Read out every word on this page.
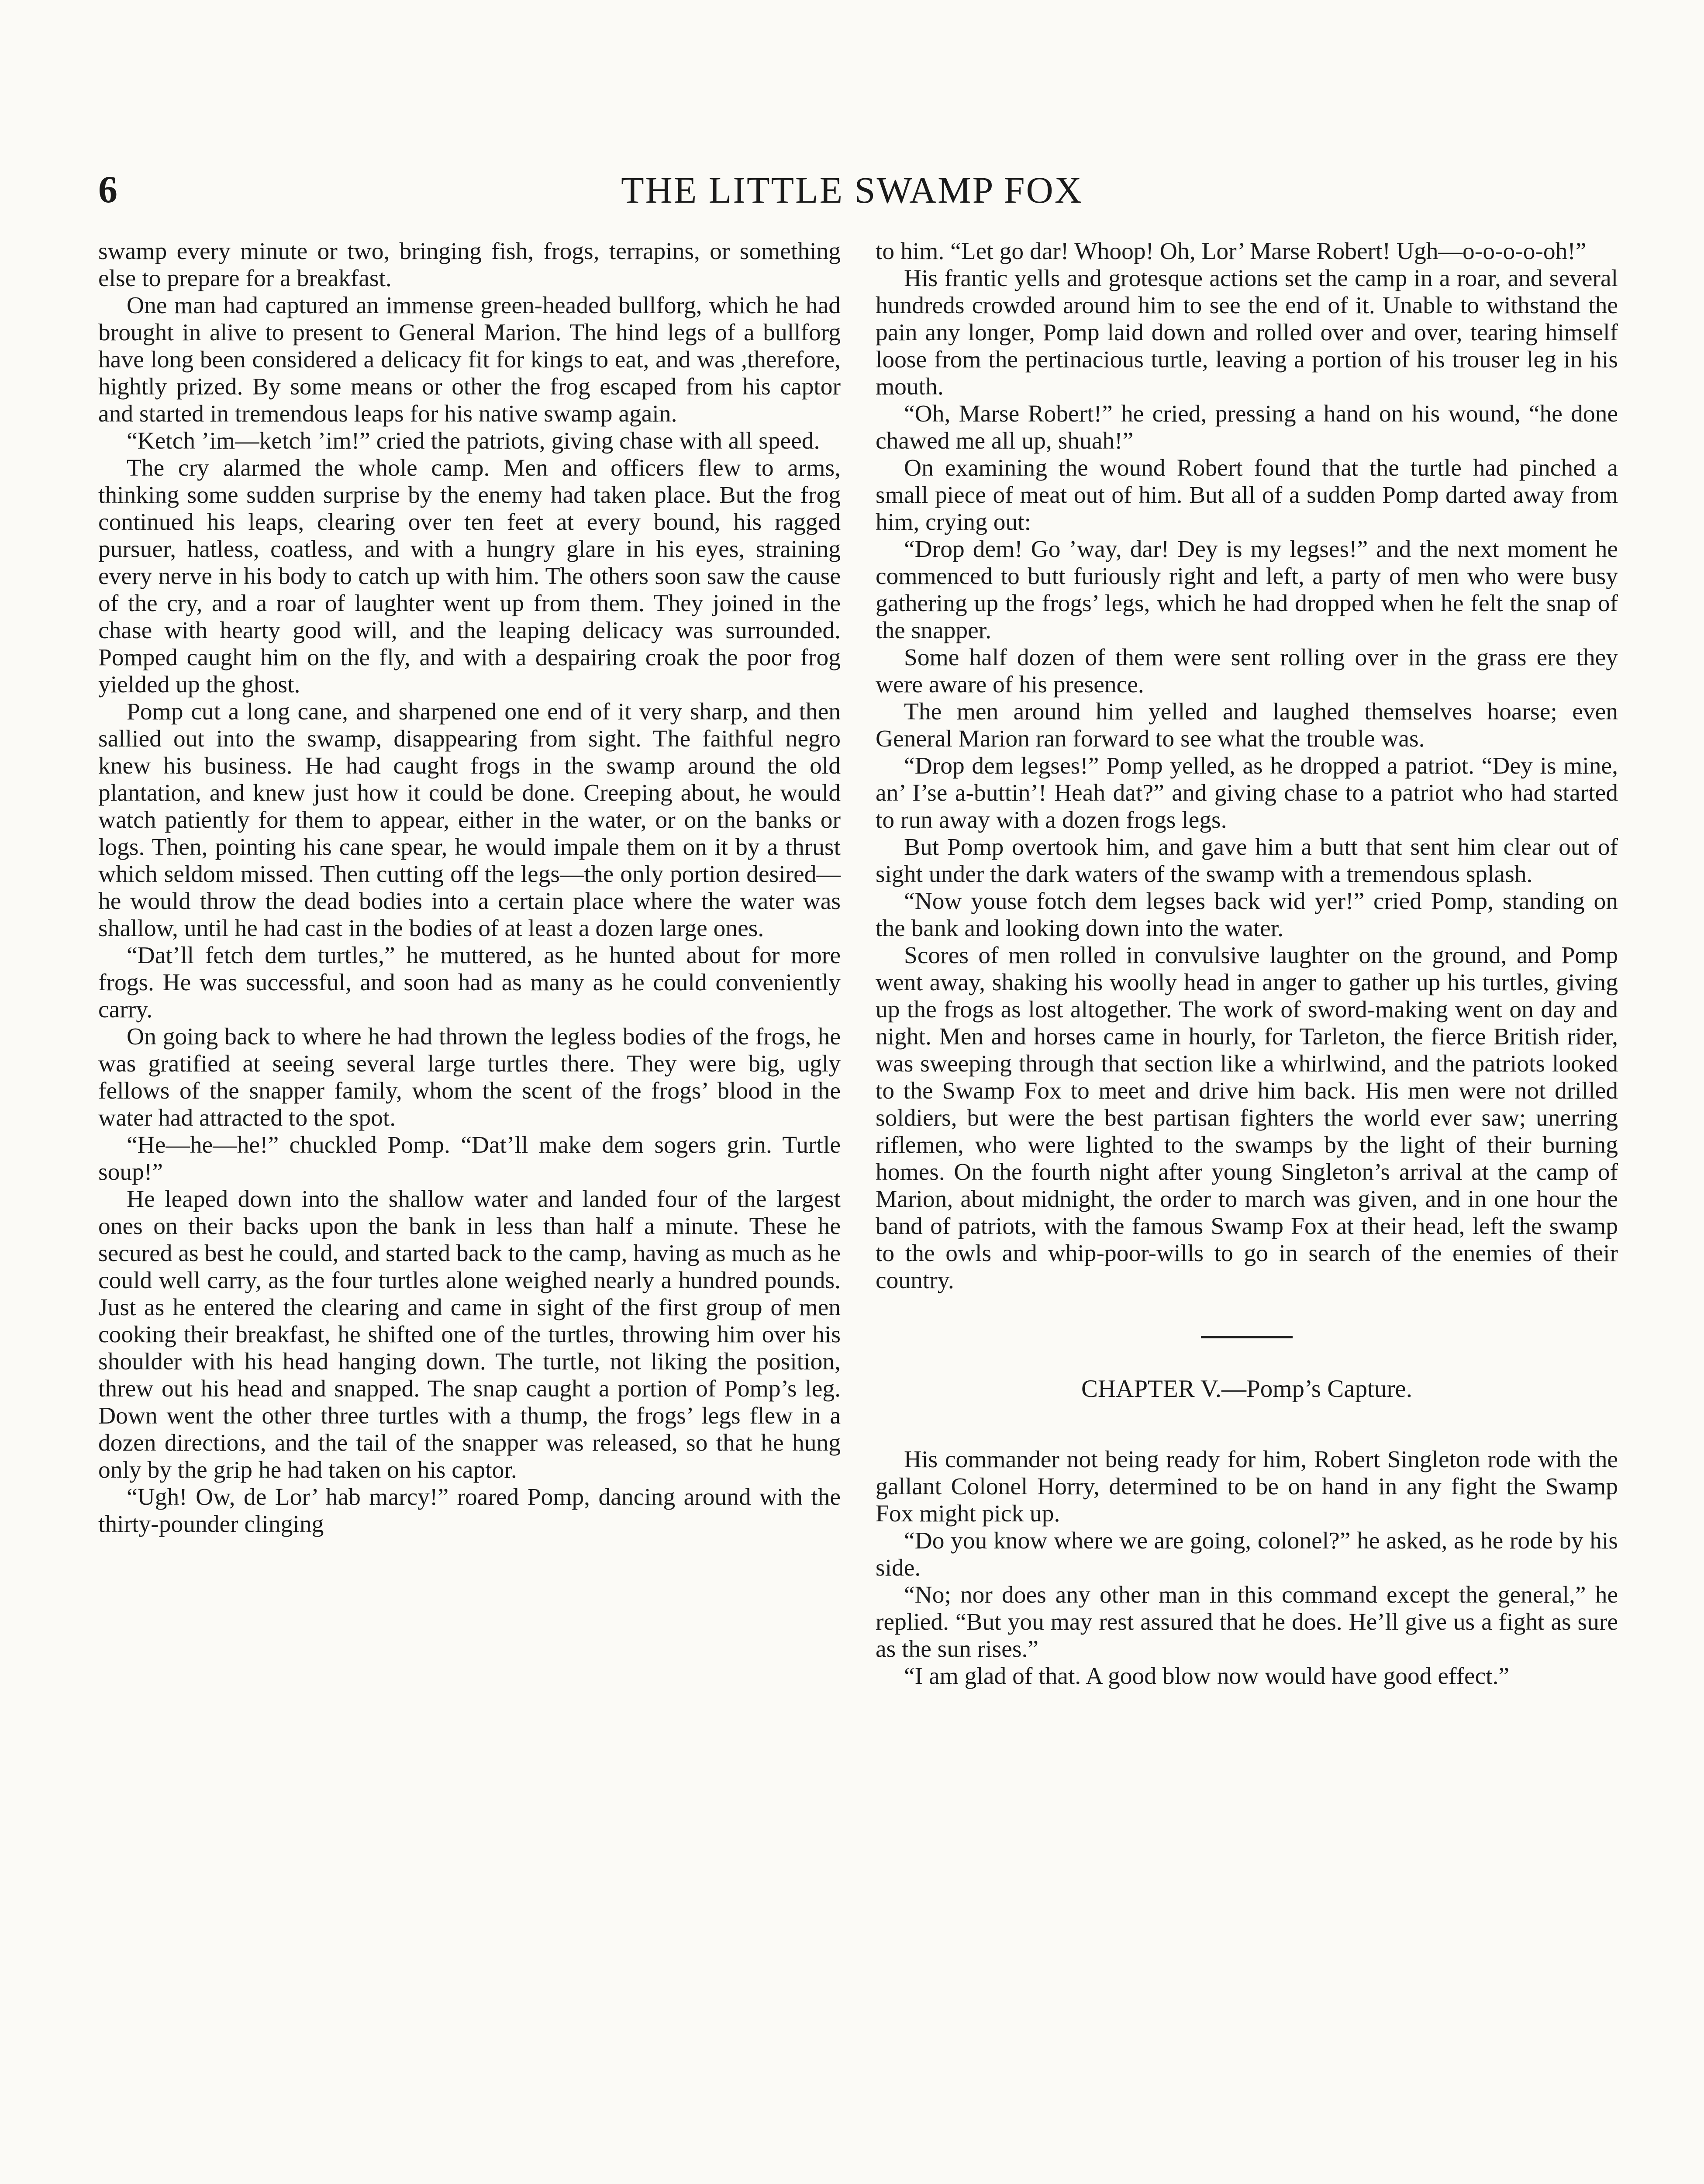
6	THE LITTLE SWAMP FOX

swamp every minute or two, bringing fish, frogs, terrapins, or something else to prepare for a breakfast.

One man had captured an immense green-headed bullforg, which he had brought in alive to present to General Marion. The hind legs of a bullforg have long been considered a delicacy fit for kings to eat, and was ,therefore, hightly prized. By some means or other the frog escaped from his captor and started in tremendous leaps for his native swamp again.

“Ketch ’im—ketch ’im!” cried the patriots, giving chase with all speed.

The cry alarmed the whole camp. Men and officers flew to arms, thinking some sudden surprise by the enemy had taken place. But the frog continued his leaps, clearing over ten feet at every bound, his ragged pursuer, hatless, coatless, and with a hungry glare in his eyes, straining every nerve in his body to catch up with him. The others soon saw the cause of the cry, and a roar of laughter went up from them. They joined in the chase with hearty good will, and the leaping delicacy was surrounded. Pomped caught him on the fly, and with a despairing croak the poor frog yielded up the ghost.

Pomp cut a long cane, and sharpened one end of it very sharp, and then sallied out into the swamp, disappearing from sight. The faithful negro knew his business. He had caught frogs in the swamp around the old plantation, and knew just how it could be done. Creeping about, he would watch patiently for them to appear, either in the water, or on the banks or logs. Then, pointing his cane spear, he would impale them on it by a thrust which seldom missed. Then cutting off the legs—the only portion desired—he would throw the dead bodies into a certain place where the water was shallow, until he had cast in the bodies of at least a dozen large ones.

“Dat’ll fetch dem turtles,” he muttered, as he hunted about for more frogs. He was successful, and soon had as many as he could conveniently carry.

On going back to where he had thrown the legless bodies of the frogs, he was gratified at seeing several large turtles there. They were big, ugly fellows of the snapper family, whom the scent of the frogs’ blood in the water had attracted to the spot.

“He—he—he!” chuckled Pomp. “Dat’ll make dem sogers grin. Turtle soup!”

He leaped down into the shallow water and landed four of the largest ones on their backs upon the bank in less than half a minute. These he secured as best he could, and started back to the camp, having as much as he could well carry, as the four turtles alone weighed nearly a hundred pounds. Just as he entered the clearing and came in sight of the first group of men cooking their breakfast, he shifted one of the turtles, throwing him over his shoulder with his head hanging down. The turtle, not liking the position, threw out his head and snapped. The snap caught a portion of Pomp’s leg. Down went the other three turtles with a thump, the frogs’ legs flew in a dozen directions, and the tail of the snapper was released, so that he hung only by the grip he had taken on his captor.

“Ugh! Ow, de Lor’ hab marcy!” roared Pomp, dancing around with the thirty-pounder clinging

to him. “Let go dar! Whoop! Oh, Lor’ Marse Robert! Ugh—o-o-o-o-oh!”

His frantic yells and grotesque actions set the camp in a roar, and several hundreds crowded around him to see the end of it. Unable to withstand the pain any longer, Pomp laid down and rolled over and over, tearing himself loose from the pertinacious turtle, leaving a portion of his trouser leg in his mouth.

“Oh, Marse Robert!” he cried, pressing a hand on his wound, “he done chawed me all up, shuah!”

On examining the wound Robert found that the turtle had pinched a small piece of meat out of him. But all of a sudden Pomp darted away from him, crying out:

“Drop dem! Go ’way, dar! Dey is my legses!” and the next moment he commenced to butt furiously right and left, a party of men who were busy gathering up the frogs’ legs, which he had dropped when he felt the snap of the snapper.

Some half dozen of them were sent rolling over in the grass ere they were aware of his presence.

The men around him yelled and laughed themselves hoarse; even General Marion ran forward to see what the trouble was.

“Drop dem legses!” Pomp yelled, as he dropped a patriot. “Dey is mine, an’ I’se a-buttin’! Heah dat?” and giving chase to a patriot who had started to run away with a dozen frogs legs.

But Pomp overtook him, and gave him a butt that sent him clear out of sight under the dark waters of the swamp with a tremendous splash.

“Now youse fotch dem legses back wid yer!” cried Pomp, standing on the bank and looking down into the water.

Scores of men rolled in convulsive laughter on the ground, and Pomp went away, shaking his woolly head in anger to gather up his turtles, giving up the frogs as lost altogether. The work of sword-making went on day and night. Men and horses came in hourly, for Tarleton, the fierce British rider, was sweeping through that section like a whirlwind, and the patriots looked to the Swamp Fox to meet and drive him back. His men were not drilled soldiers, but were the best partisan fighters the world ever saw; unerring riflemen, who were lighted to the swamps by the light of their burning homes. On the fourth night after young Singleton’s arrival at the camp of Marion, about midnight, the order to march was given, and in one hour the band of patriots, with the famous Swamp Fox at their head, left the swamp to the owls and whip-poor-wills to go in search of the enemies of their country.

CHAPTER V.—Pomp’s Capture.

His commander not being ready for him, Robert Singleton rode with the gallant Colonel Horry, determined to be on hand in any fight the Swamp Fox might pick up.

“Do you know where we are going, colonel?” he asked, as he rode by his side.

“No; nor does any other man in this command except the general,” he replied. “But you may rest assured that he does. He’ll give us a fight as sure as the sun rises.”

“I am glad of that. A good blow now would have good effect.”
